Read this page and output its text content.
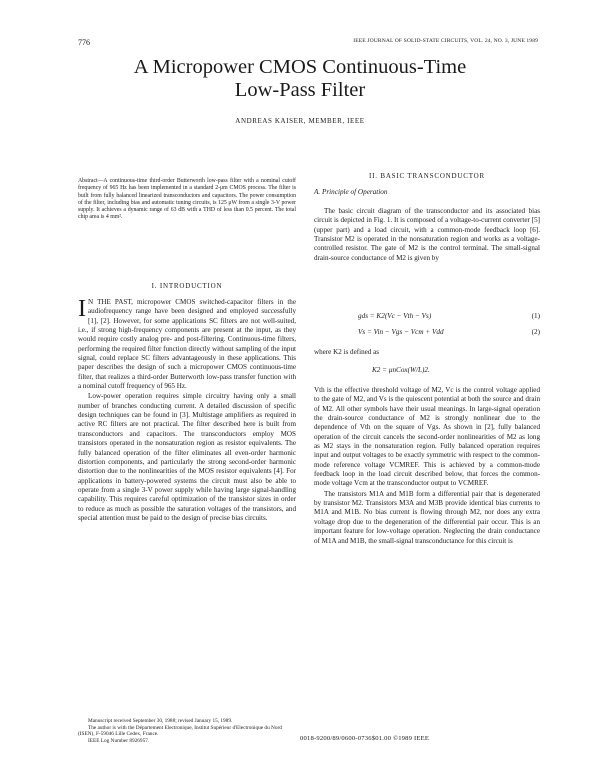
776	IEEE JOURNAL OF SOLID-STATE CIRCUITS, VOL. 24, NO. 3, JUNE 1989
A Micropower CMOS Continuous-Time
Low-Pass Filter
ANDREAS KAISER, MEMBER, IEEE
Abstract—A continuous-time third-order Butterworth low-pass filter with a nominal cutoff frequency of 965 Hz has been implemented in a standard 2-μm CMOS process. The filter is built from fully balanced linearized transconductors and capacitors. The power consumption of the filter, including bias and automatic tuning circuits, is 125 μW from a single 3-V power supply. It achieves a dynamic range of 63 dB with a THD of less than 0.5 percent. The total chip area is 4 mm².
I. INTRODUCTION

I N THE PAST, micropower CMOS switched-capacitor filters in the audiofrequency range have been designed and employed successfully [1], [2]. However, for some applications SC filters are not well-suited, i.e., if strong high-frequency components are present at the input, as they would require costly analog pre- and post-filtering. Continuous-time filters, performing the required filter function directly without sampling of the input signal, could replace SC filters advantageously in these applications. This paper describes the design of such a micropower CMOS continuous-time filter, that realizes a third-order Butterworth low-pass transfer function with a nominal cutoff frequency of 965 Hz.

Low-power operation requires simple circuitry having only a small number of branches conducting current. A detailed discussion of specific design techniques can be found in [3]. Multistage amplifiers as required in active RC filters are not practical. The filter described here is built from transconductors and capacitors. The transconductors employ MOS transistors operated in the nonsaturation region as resistor equivalents. The fully balanced operation of the filter eliminates all even-order harmonic distortion components, and particularly the strong second-order harmonic distortion due to the nonlinearities of the MOS resistor equivalents [4]. For applications in battery-powered systems the circuit must also be able to operate from a single 3-V power supply while having large signal-handling capability. This requires careful optimization of the transistor sizes in order to reduce as much as possible the saturation voltages of the transistors, and special attention must be paid to the design of precise bias circuits.

Manuscript received September 30, 1988; revised January 15, 1989.
The author is with the Département Electronique, Institut Supérieur d'Electronique du Nord (ISEN), F-59046 Lille Cedex, France.
IEEE Log Number 8926957.	0018-9200/89/0600-0736$01.00 ©1989 IEEE
II. BASIC TRANSCONDUCTOR
A. Principle of Operation

The basic circuit diagram of the transconductor and its associated bias circuit is depicted in Fig. 1. It is composed of a voltage-to-current converter [5] (upper part) and a load circuit, with a common-mode feedback loop [6]. Transistor M2 is operated in the nonsaturation region and works as a voltage-controlled resistor. The gate of M2 is the control terminal. The small-signal drain-source conductance of M2 is given by

gds = K2(Vc − Vth − Vs)	(1)
Vs = Vin − Vgs − Vcm + Vdd	(2)
where K2 is defined as
K2 = μnCox(W/L)2.

Vth is the effective threshold voltage of M2, Vc is the control voltage applied to the gate of M2, and Vs is the quiescent potential at both the source and drain of M2. All other symbols have their usual meanings. In large-signal operation the drain-source conductance of M2 is strongly nonlinear due to the dependence of Vth on the square of Vgs. As shown in [2], fully balanced operation of the circuit cancels the second-order nonlinearities of M2 as long as M2 stays in the nonsaturation region. Fully balanced operation requires input and output voltages to be exactly symmetric with respect to the common-mode reference voltage VCMREF. This is achieved by a common-mode feedback loop in the load circuit described below, that forces the common-mode voltage Vcm at the transconductor output to VCMREF.

The transistors M1A and M1B form a differential pair that is degenerated by transistor M2. Transistors M3A and M3B provide identical bias currents to M1A and M1B. No bias current is flowing through M2, nor does any extra voltage drop due to the degeneration of the differential pair occur. This is an important feature for low-voltage operation. Neglecting the drain conductance of M1A and M1B, the small-signal transconductance for this circuit is
